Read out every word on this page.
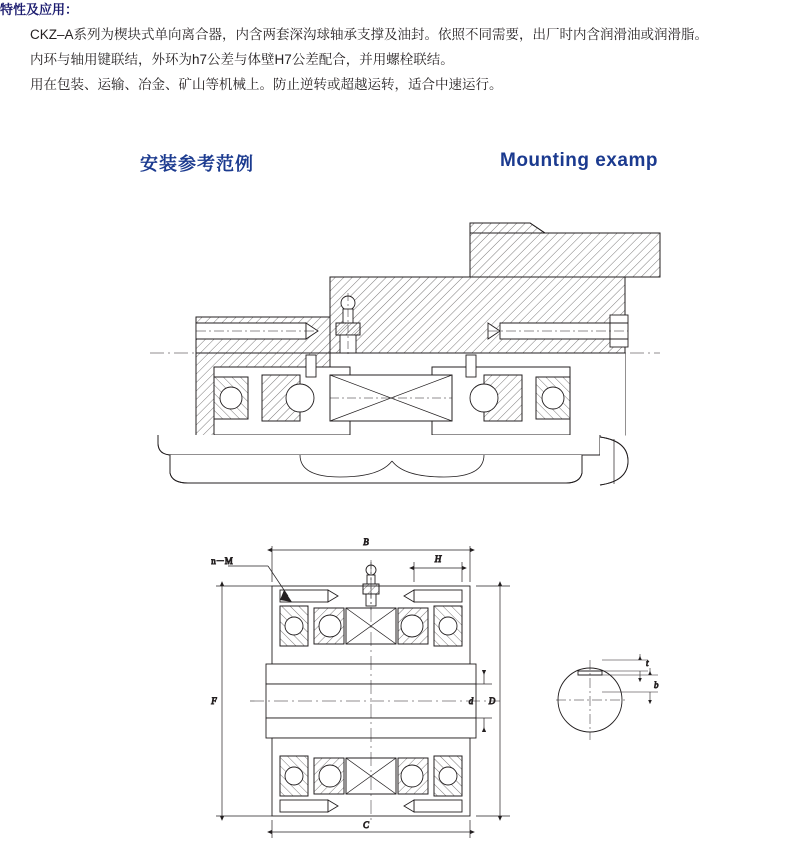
特性及应用：

CKZ–A系列为楔块式单向离合器，内含两套深沟球轴承支撑及油封。依照不同需要，出厂时内含润滑油或润滑脂。

内环与轴用键联结，外环为h7公差与体壁H7公差配合，并用螺栓联结。

用在包装、运输、冶金、矿山等机械上。防止逆转或超越运转，适合中速运行。

安装参考范例	Mounting examp
B
H
C
F	D
d
n－M
t
b
